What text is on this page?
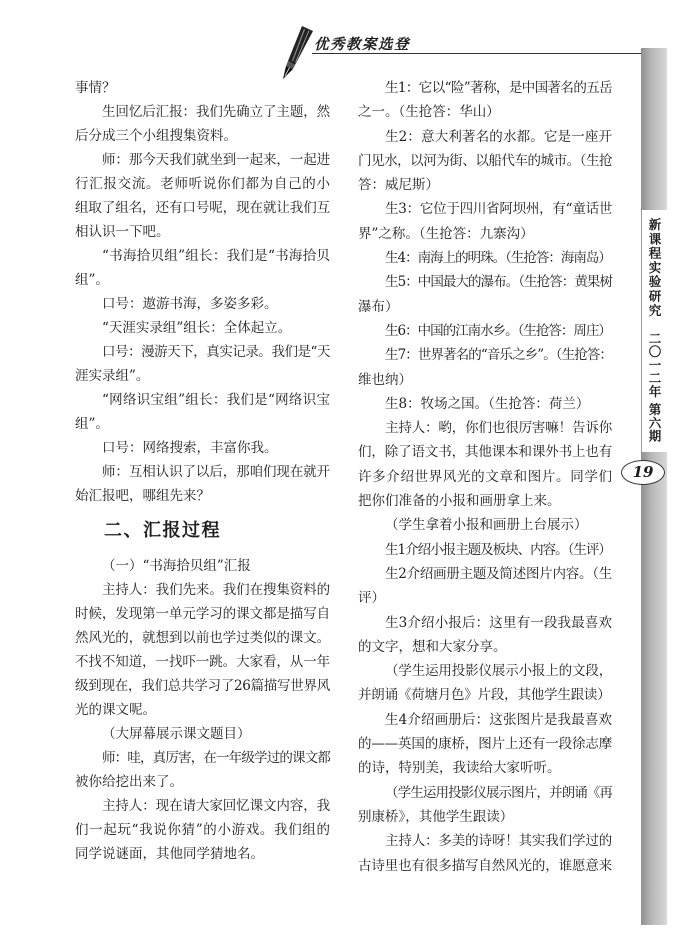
优秀教案选登
新课程实验研究
二〇一二年 第六期
19
事情？
生回忆后汇报：我们先确立了主题，然
后分成三个小组搜集资料。
师：那今天我们就坐到一起来，一起进
行汇报交流。老师听说你们都为自己的小
组取了组名，还有口号呢，现在就让我们互
相认识一下吧。
“书海拾贝组”组长：我们是“书海拾贝
组”。
口号：遨游书海，多姿多彩。
“天涯实录组”组长：全体起立。
口号：漫游天下，真实记录。我们是“天
涯实录组”。
“网络识宝组”组长：我们是“网络识宝
组”。
口号：网络搜索，丰富你我。
师：互相认识了以后，那咱们现在就开
始汇报吧，哪组先来？
二、汇报过程
（一）“书海拾贝组”汇报
主持人：我们先来。我们在搜集资料的
时候，发现第一单元学习的课文都是描写自
然风光的，就想到以前也学过类似的课文。
不找不知道，一找吓一跳。大家看，从一年
级到现在，我们总共学习了26篇描写世界风
光的课文呢。
（大屏幕展示课文题目）
师：哇，真厉害，在一年级学过的课文都
被你给挖出来了。
主持人：现在请大家回忆课文内容，我
们一起玩“我说你猜”的小游戏。我们组的
同学说谜面，其他同学猜地名。
生1：它以“险”著称，是中国著名的五岳
之一。（生抢答：华山）
生2：意大利著名的水都。它是一座开
门见水，以河为街、以船代车的城市。（生抢
答：威尼斯）
生3：它位于四川省阿坝州，有“童话世
界”之称。（生抢答：九寨沟）
生4：南海上的明珠。（生抢答：海南岛）
生5：中国最大的瀑布。（生抢答：黄果树
瀑布）
生6：中国的江南水乡。（生抢答：周庄）
生7：世界著名的“音乐之乡”。（生抢答：
维也纳）
生8：牧场之国。（生抢答：荷兰）
主持人：哟，你们也很厉害嘛！告诉你
们，除了语文书，其他课本和课外书上也有
许多介绍世界风光的文章和图片。同学们
把你们准备的小报和画册拿上来。
（学生拿着小报和画册上台展示）
生1介绍小报主题及板块、内容。（生评）
生2介绍画册主题及简述图片内容。（生
评）
生3介绍小报后：这里有一段我最喜欢
的文字，想和大家分享。
（学生运用投影仪展示小报上的文段，
并朗诵《荷塘月色》片段，其他学生跟读）
生4介绍画册后：这张图片是我最喜欢
的——英国的康桥，图片上还有一段徐志摩
的诗，特别美，我读给大家听听。
（学生运用投影仪展示图片，并朗诵《再
别康桥》，其他学生跟读）
主持人：多美的诗呀！其实我们学过的
古诗里也有很多描写自然风光的，谁愿意来
